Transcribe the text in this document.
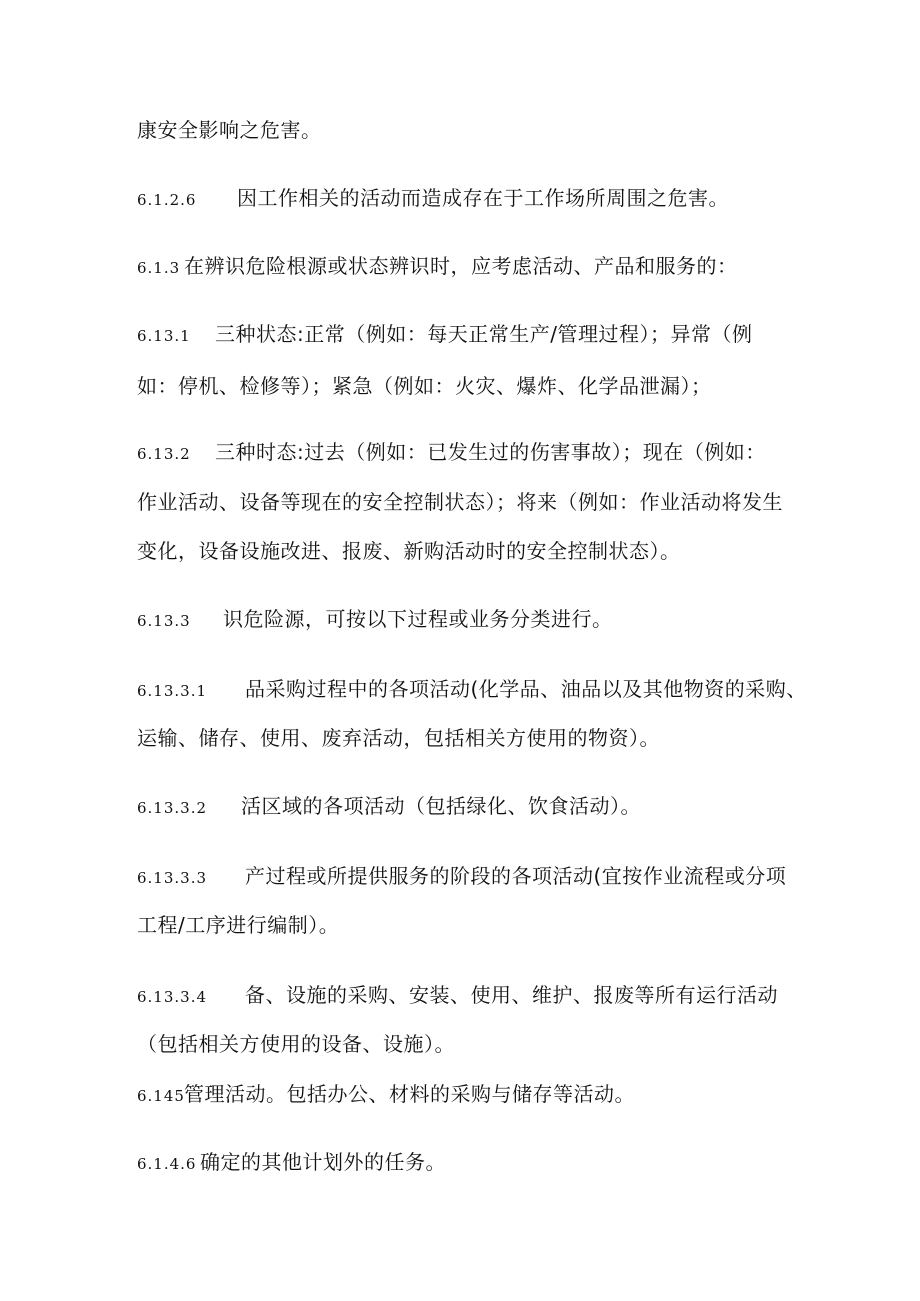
康安全影响之危害。
6.1.2.6 因工作相关的活动而造成存在于工作场所周围之危害。
6.1.3 在辨识危险根源或状态辨识时，应考虑活动、产品和服务的：
6.13.1 三种状态:正常（例如：每天正常生产/管理过程）；异常（例
如：停机、检修等）；紧急（例如：火灾、爆炸、化学品泄漏）；
6.13.2 三种时态:过去（例如：已发生过的伤害事故）；现在（例如：
作业活动、设备等现在的安全控制状态）；将来（例如：作业活动将发生
变化，设备设施改进、报废、新购活动时的安全控制状态）。
6.13.3 识危险源，可按以下过程或业务分类进行。
6.13.3.1 品采购过程中的各项活动(化学品、油品以及其他物资的采购、
运输、储存、使用、废弃活动，包括相关方使用的物资）。
6.13.3.2 活区域的各项活动（包括绿化、饮食活动）。
6.13.3.3 产过程或所提供服务的阶段的各项活动(宜按作业流程或分项
工程/工序进行编制）。
6.13.3.4 备、设施的采购、安装、使用、维护、报废等所有运行活动
（包括相关方使用的设备、设施）。
6.145管理活动。包括办公、材料的采购与储存等活动。
6.1.4.6 确定的其他计划外的任务。
